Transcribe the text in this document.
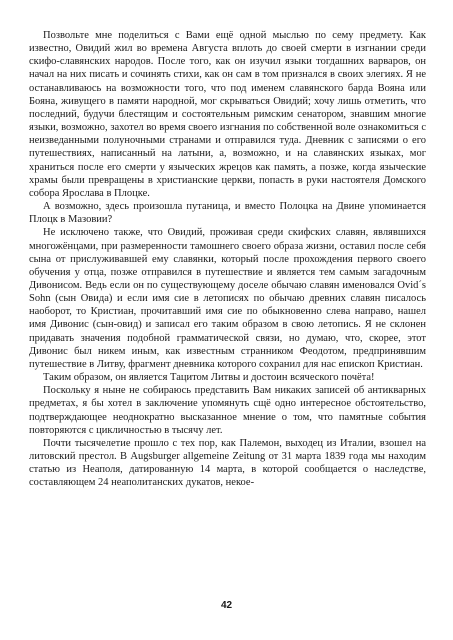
Позвольте мне поделиться с Вами ещё одной мыслью по сему предмету. Как известно, Овидий жил во времена Августа вплоть до своей смерти в изгнании среди скифо-славянских народов. После того, как он изучил языки тогдашних варваров, он начал на них писать и сочинять стихи, как он сам в том признался в своих элегиях. Я не останавливаюсь на возможности того, что под именем славянского барда Вояна или Бояна, живущего в памяти народной, мог скрываться Овидий; хочу лишь отметить, что последний, будучи блестящим и состоятельным римским сенатором, знавшим многие языки, возможно, захотел во время своего изгнания по собственной воле ознакомиться с неизведанными полуночными странами и отправился туда. Дневник с записями о его путешествиях, написанный на латыни, а, возможно, и на славянских языках, мог храниться после его смерти у языческих жрецов как память, а позже, когда языческие храмы были превращены в христианские церкви, попасть в руки настоятеля Домского собора Ярослава в Плоцке.

А возможно, здесь произошла путаница, и вместо Полоцка на Двине упоминается Плоцк в Мазовии?

Не исключено также, что Овидий, проживая среди скифских славян, являвшихся многожёнцами, при размеренности тамошнего своего образа жизни, оставил после себя сына от прислуживавшей ему славянки, который после прохождения первого своего обучения у отца, позже отправился в путешествие и является тем самым загадочным Дивонисом. Ведь если он по существующему доселе обычаю славян именовался Ovid´s Sohn (сын Овида) и если имя сие в летописях по обычаю древних славян писалось наоборот, то Кристиан, прочитавший имя сие по обыкновенно слева направо, нашел имя Дивонис (сын-овид) и записал его таким образом в свою летопись. Я не склонен придавать значения подобной грамматической связи, но думаю, что, скорее, этот Дивонис был никем иным, как известным странником Феодотом, предпринявшим путешествие в Литву, фрагмент дневника которого сохранил для нас епископ Кристиан.

Таким образом, он является Тацитом Литвы и достоин всяческого почёта!

Поскольку я ныне не собираюсь представить Вам никаких записей об антикварных предметах, я бы хотел в заключение упомянуть сщё одно интересное обстоятельство, подтверждающее неоднократно высказанное мнение о том, что памятные события повторяются с цикличностью в тысячу лет.

Почти тысячелетие прошло с тех пор, как Палемон, выходец из Италии, взошел на литовский престол. В Augsburger allgemeine Zeitung от 31 марта 1839 года мы находим статью из Неаполя, датированную 14 марта, в которой сообщается о наследстве, составляющем 24 неаполитанских дукатов, некое-

42
